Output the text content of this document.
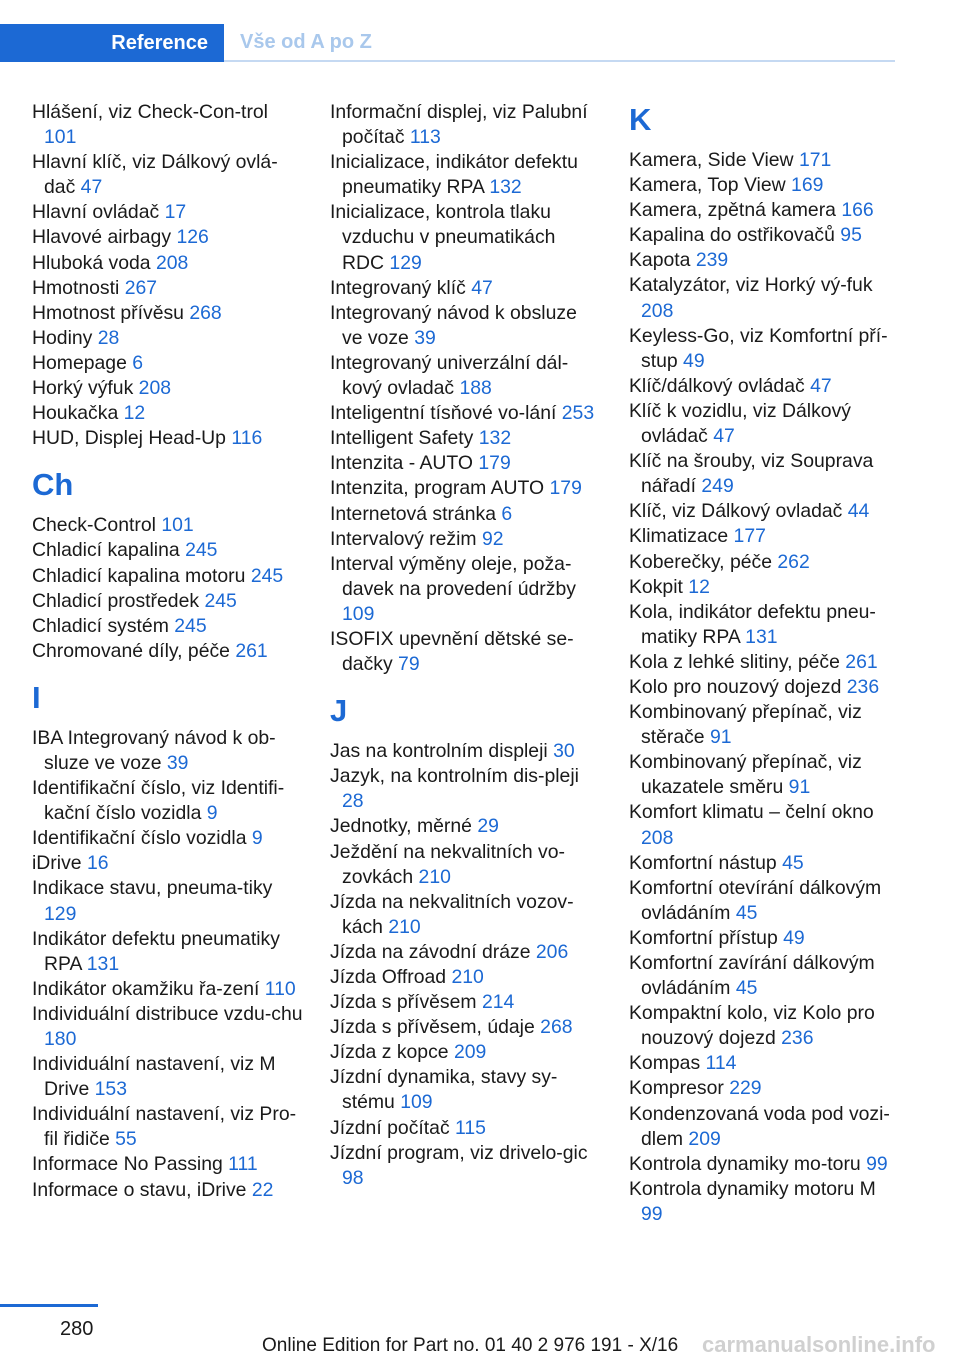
Reference	Vše od A po Z

Hlášení, viz Check-Con-trol 101

Hlavní klíč, viz Dálkový ovlá-dač 47

Hlavní ovládač 17

Hlavové airbagy 126

Hluboká voda 208

Hmotnosti 267

Hmotnost přívěsu 268

Hodiny 28

Homepage 6

Horký výfuk 208

Houkačka 12

HUD, Displej Head-Up 116

Ch

Check-Control 101

Chladicí kapalina 245

Chladicí kapalina motoru 245

Chladicí prostředek 245

Chladicí systém 245

Chromované díly, péče 261

I

IBA Integrovaný návod k ob-sluze ve voze 39

Identifikační číslo, viz Identifi-kační číslo vozidla 9

Identifikační číslo vozidla 9

iDrive 16

Indikace stavu, pneuma-tiky 129

Indikátor defektu pneumatiky RPA 131

Indikátor okamžiku řa-zení 110

Individuální distribuce vzdu-chu 180

Individuální nastavení, viz M Drive 153

Individuální nastavení, viz Pro-fil řidiče 55

Informace No Passing 111

Informace o stavu, iDrive 22

Informační displej, viz Palubní počítač 113

Inicializace, indikátor defektu pneumatiky RPA 132

Inicializace, kontrola tlaku vzduchu v pneumatikách RDC 129

Integrovaný klíč 47

Integrovaný návod k obsluze ve voze 39

Integrovaný univerzální dál-kový ovladač 188

Inteligentní tísňové vo-lání 253

Intelligent Safety 132

Intenzita - AUTO 179

Intenzita, program AUTO 179

Internetová stránka 6

Intervalový režim 92

Interval výměny oleje, poža-davek na provedení údržby 109

ISOFIX upevnění dětské se-dačky 79

J

Jas na kontrolním displeji 30

Jazyk, na kontrolním dis-pleji 28

Jednotky, měrné 29

Ježdění na nekvalitních vo-zovkách 210

Jízda na nekvalitních vozov-kách 210

Jízda na závodní dráze 206

Jízda Offroad 210

Jízda s přívěsem 214

Jízda s přívěsem, údaje 268

Jízda z kopce 209

Jízdní dynamika, stavy sy-stému 109

Jízdní počítač 115

Jízdní program, viz drivelo-gic 98

K

Kamera, Side View 171

Kamera, Top View 169

Kamera, zpětná kamera 166

Kapalina do ostřikovačů 95

Kapota 239

Katalyzátor, viz Horký vý-fuk 208

Keyless-Go, viz Komfortní pří-stup 49

Klíč/dálkový ovládač 47

Klíč k vozidlu, viz Dálkový ovládač 47

Klíč na šrouby, viz Souprava nářadí 249

Klíč, viz Dálkový ovladač 44

Klimatizace 177

Koberečky, péče 262

Kokpit 12

Kola, indikátor defektu pneu-matiky RPA 131

Kola z lehké slitiny, péče 261

Kolo pro nouzový dojezd 236

Kombinovaný přepínač, viz stěrače 91

Kombinovaný přepínač, viz ukazatele směru 91

Komfort klimatu – čelní okno 208

Komfortní nástup 45

Komfortní otevírání dálkovým ovládáním 45

Komfortní přístup 49

Komfortní zavírání dálkovým ovládáním 45

Kompaktní kolo, viz Kolo pro nouzový dojezd 236

Kompas 114

Kompresor 229

Kondenzovaná voda pod vozi-dlem 209

Kontrola dynamiky mo-toru 99

Kontrola dynamiky motoru M 99

280
Online Edition for Part no. 01 40 2 976 191 - X/16 carmanualsonline.info
